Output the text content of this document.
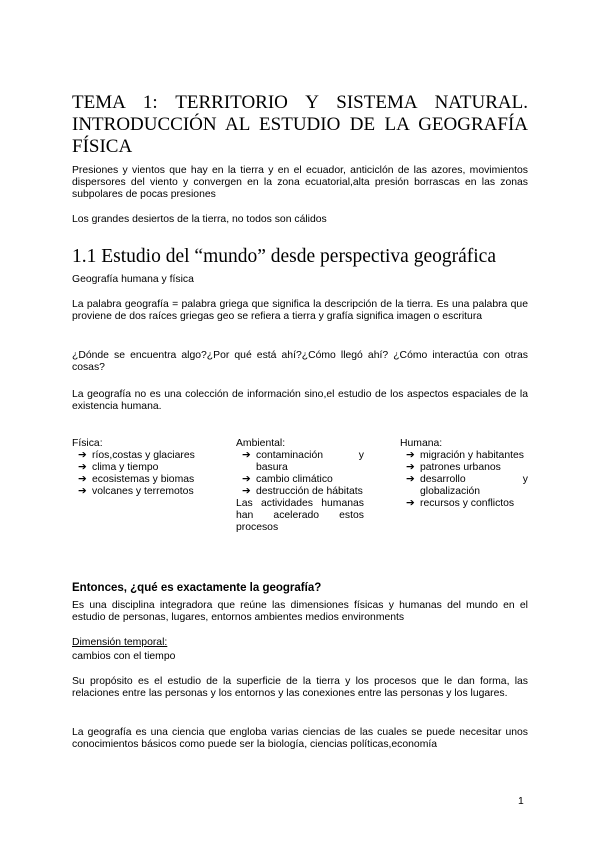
TEMA 1: TERRITORIO Y SISTEMA NATURAL. INTRODUCCIÓN AL ESTUDIO DE LA GEOGRAFÍA FÍSICA

Presiones y vientos que hay en la tierra y en el ecuador, anticiclón de las azores, movimientos dispersores del viento y convergen en la zona ecuatorial,alta presión borrascas en las zonas subpolares de pocas presiones

Los grandes desiertos de la tierra, no todos son cálidos

1.1 Estudio del “mundo” desde perspectiva geográfica

Geografía humana y física

La palabra geografía = palabra griega que significa la descripción de la tierra. Es una palabra que proviene de dos raíces griegas geo se refiera a tierra y grafía significa imagen o escritura

¿Dónde se encuentra algo?¿Por qué está ahí?¿Cómo llegó ahí? ¿Cómo interactúa con otras cosas?

La geografía no es una colección de información sino,el estudio de los aspectos espaciales de la existencia humana.

Física:
➔ ríos,costas y glaciares
➔ clima y tiempo
➔ ecosistemas y biomas
➔ volcanes y terremotos
Ambiental:
➔ contaminación y basura
➔ cambio climático
➔ destrucción de hábitats
Las actividades humanas han acelerado estos procesos
Humana:
➔ migración y habitantes
➔ patrones urbanos
➔ desarrollo y globalización
➔ recursos y conflictos
Entonces, ¿qué es exactamente la geografía?

Es una disciplina integradora que reúne las dimensiones físicas y humanas del mundo en el estudio de personas, lugares, entornos ambientes medios environments

Dimensión temporal:

cambios con el tiempo

Su propósito es el estudio de la superficie de la tierra y los procesos que le dan forma, las relaciones entre las personas y los entornos y las conexiones entre las personas y los lugares.

La geografía es una ciencia que engloba varias ciencias de las cuales se puede necesitar unos conocimientos básicos como puede ser la biología, ciencias políticas,economía

1
